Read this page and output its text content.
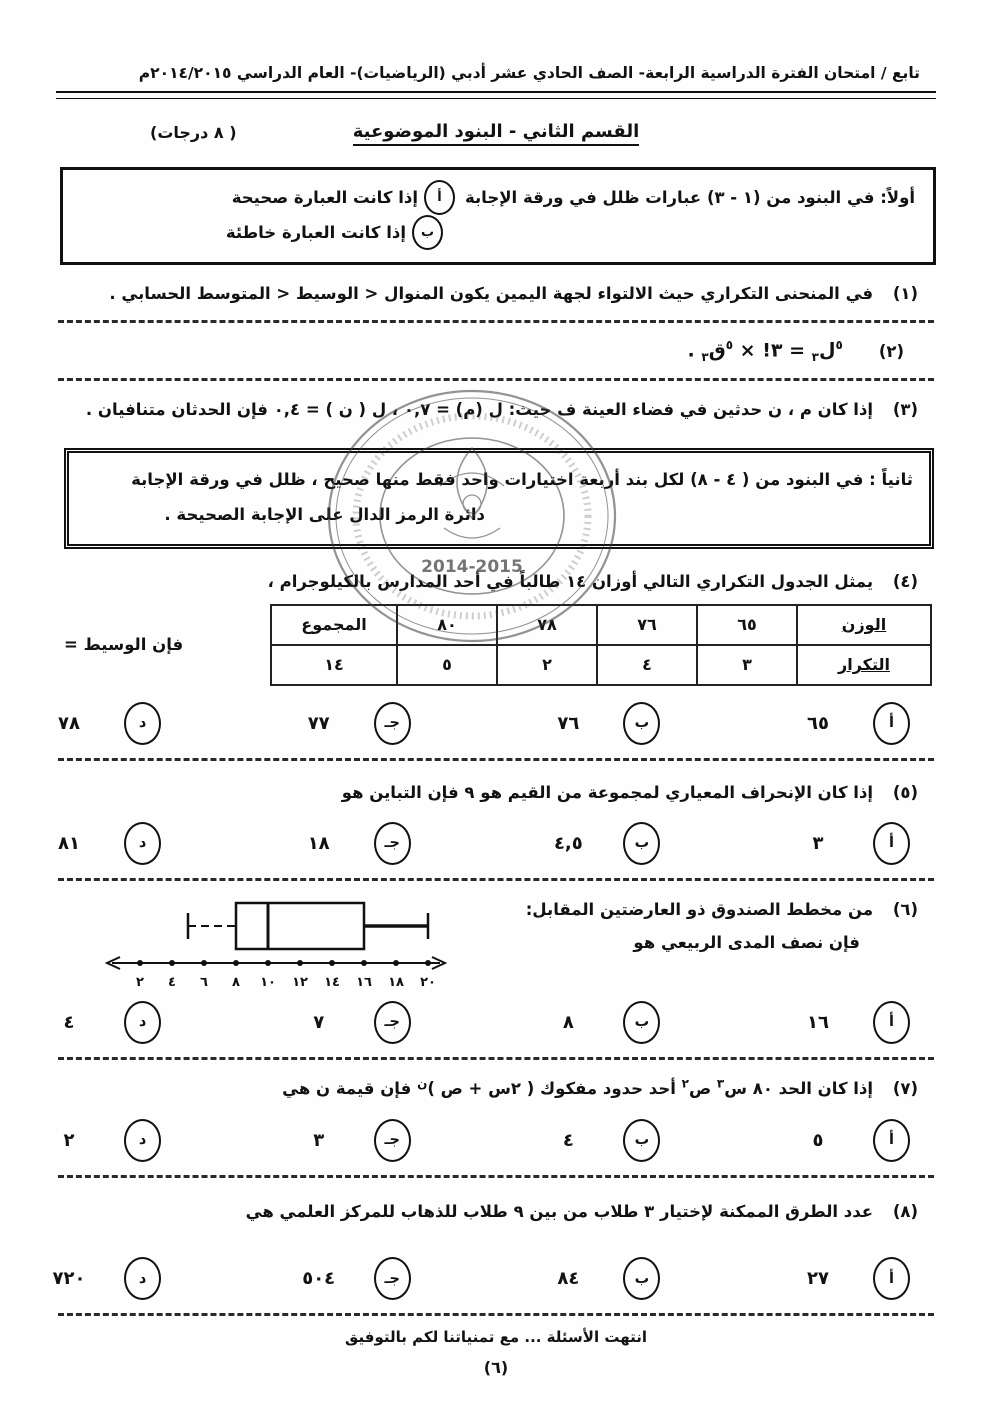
تابع / امتحان الفترة الدراسية الرابعة- الصف الحادي عشر أدبي (الرياضيات)- العام الدراسي ٢٠١٤/٢٠١٥م
القسم الثاني - البنود الموضوعية
( ٨ درجات)
أولاً: في البنود من (١ - ٣) عبارات ظلل في ورقة الإجابة
أ
إذا كانت العبارة صحيحة
ب
إذا كانت العبارة خاطئة
(١) في المنحنى التكراري حيث الالتواء لجهة اليمين يكون المنوال < الوسيط < المتوسط الحسابي .
(٢)
$^٥$ل$_٣$ = ٣! × $^٥$ق$_٣$ .
(٣) إذا كان م ، ن حدثين في فضاء العينة ف حيث: ل (م) = ٠,٧ ، ل ( ن ) = ٠,٤ فإن الحدثان متنافيان .
ثانياً : في البنود من ( ٤ - ٨) لكل بند أربعة اختيارات واحد فقط منها صحيح ، ظلل في ورقة الإجابة
دائرة الرمز الدال على الإجابة الصحيحة .
2014-2015
(٤) يمثل الجدول التكراري التالي أوزان ١٤ طالباً في أحد المدارس بالكيلوجرام ،
الوزن	٦٥	٧٦	٧٨	٨٠	المجموع
التكرار	٣	٤	٢	٥	١٤
فإن الوسيط =
أ
٦٥
ب
٧٦
جـ
٧٧
د
٧٨
(٥) إذا كان الإنحراف المعياري لمجموعة من القيم هو ٩ فإن التباين هو
أ
٣
ب
٤,٥
جـ
١٨
د
٨١
(٦) من مخطط الصندوق ذو العارضتين المقابل:
فإن نصف المدى الربيعي هو
٢ ٤ ٦ ٨ ١٠ ١٢ ١٤ ١٦ ١٨ ٢٠
أ
١٦
ب
٨
جـ
٧
د
٤
(٧) إذا كان الحد ٨٠ س$^٣$ ص$^٢$ أحد حدود مفكوك ( ٢س + ص )$^ن$ فإن قيمة ن هي
أ
٥
ب
٤
جـ
٣
د
٢
(٨) عدد الطرق الممكنة لإختيار ٣ طلاب من بين ٩ طلاب للذهاب للمركز العلمي هي
أ
٢٧
ب
٨٤
جـ
٥٠٤
د
٧٢٠
انتهت الأسئلة ... مع تمنياتنا لكم بالتوفيق
(٦)
